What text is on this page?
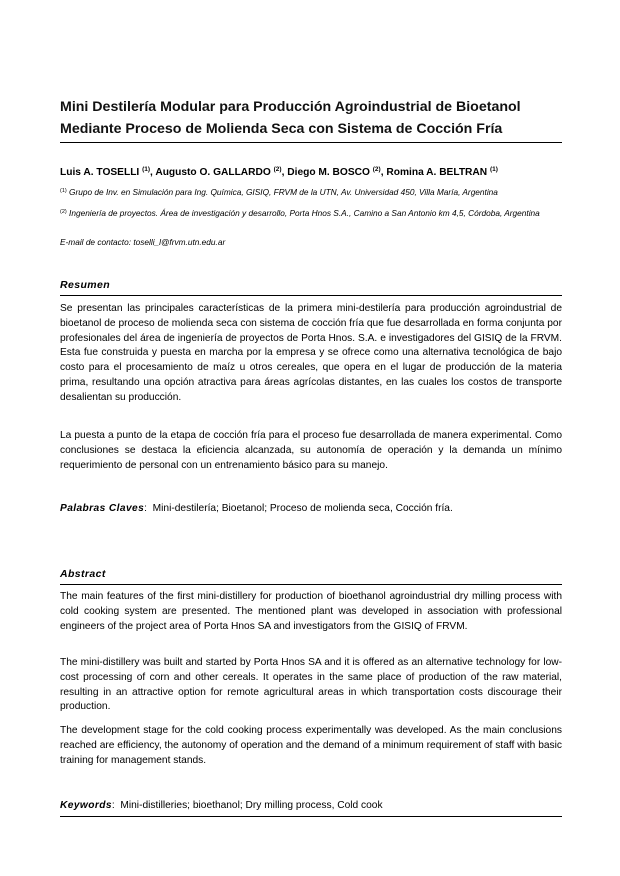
Mini Destilería Modular para Producción Agroindustrial de Bioetanol
Mediante Proceso de Molienda Seca con Sistema de Cocción Fría
Luis A. TOSELLI $^{(1)}$, Augusto O. GALLARDO $^{(2)}$, Diego M. BOSCO $^{(2)}$, Romina A. BELTRAN $^{(1)}$
$^{(1)}$ Grupo de Inv. en Simulación para Ing. Química, GISIQ, FRVM de la UTN, Av. Universidad 450, Villa María, Argentina
$^{(2)}$ Ingeniería de proyectos. Área de investigación y desarrollo, Porta Hnos S.A., Camino a San Antonio km 4,5, Córdoba, Argentina
E-mail de contacto: toselli_l@frvm.utn.edu.ar
Resumen

Se presentan las principales características de la primera mini-destilería para producción agroindustrial de bioetanol de proceso de molienda seca con sistema de cocción fría que fue desarrollada en forma conjunta por profesionales del área de ingeniería de proyectos de Porta Hnos. S.A. e investigadores del GISIQ de la FRVM. Esta fue construida y puesta en marcha por la empresa y se ofrece como una alternativa tecnológica de bajo costo para el procesamiento de maíz u otros cereales, que opera en el lugar de producción de la materia prima, resultando una opción atractiva para áreas agrícolas distantes, en las cuales los costos de transporte desalientan su producción.

La puesta a punto de la etapa de cocción fría para el proceso fue desarrollada de manera experimental. Como conclusiones se destaca la eficiencia alcanzada, su autonomía de operación y la demanda un mínimo requerimiento de personal con un entrenamiento básico para su manejo.

Palabras Claves:  Mini-destilería; Bioetanol; Proceso de molienda seca, Cocción fría.
Abstract

The main features of the first mini-distillery for production of bioethanol agroindustrial dry milling process with cold cooking system are presented. The mentioned plant was developed in association with professional engineers of the project area of Porta Hnos SA and investigators from the GISIQ of FRVM.

The mini-distillery was built and started by Porta Hnos SA and it is offered as an alternative technology for low-cost processing of corn and other cereals. It operates in the same place of production of the raw material, resulting in an attractive option for remote agricultural areas in which transportation costs discourage their production.

The development stage for the cold cooking process experimentally was developed. As the main conclusions reached are efficiency, the autonomy of operation and the demand of a minimum requirement of staff with basic training for management stands.

Keywords:  Mini-distilleries; bioethanol; Dry milling process, Cold cook
